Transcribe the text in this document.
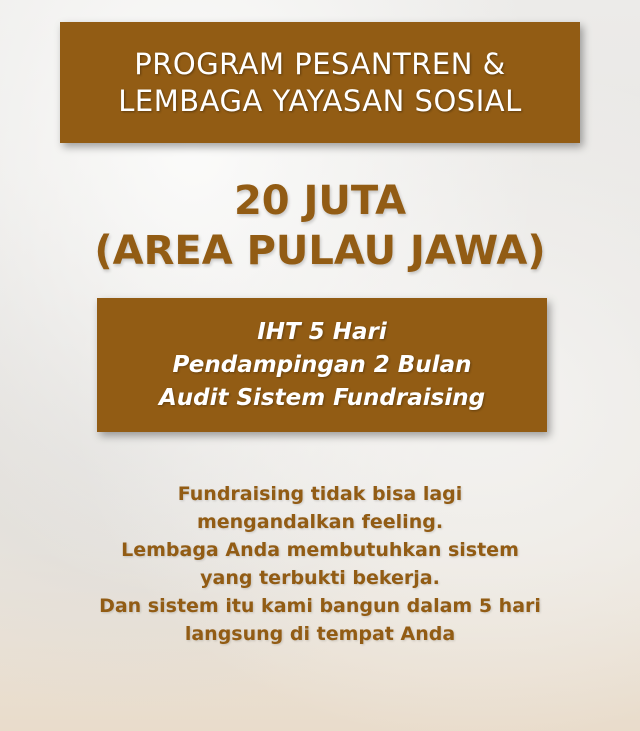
PROGRAM PESANTREN &
LEMBAGA YAYASAN SOSIAL
20 JUTA
(AREA PULAU JAWA)
IHT 5 Hari
Pendampingan 2 Bulan
Audit Sistem Fundraising
Fundraising tidak bisa lagi
mengandalkan feeling.
Lembaga Anda membutuhkan sistem
yang terbukti bekerja.
Dan sistem itu kami bangun dalam 5 hari
langsung di tempat Anda
